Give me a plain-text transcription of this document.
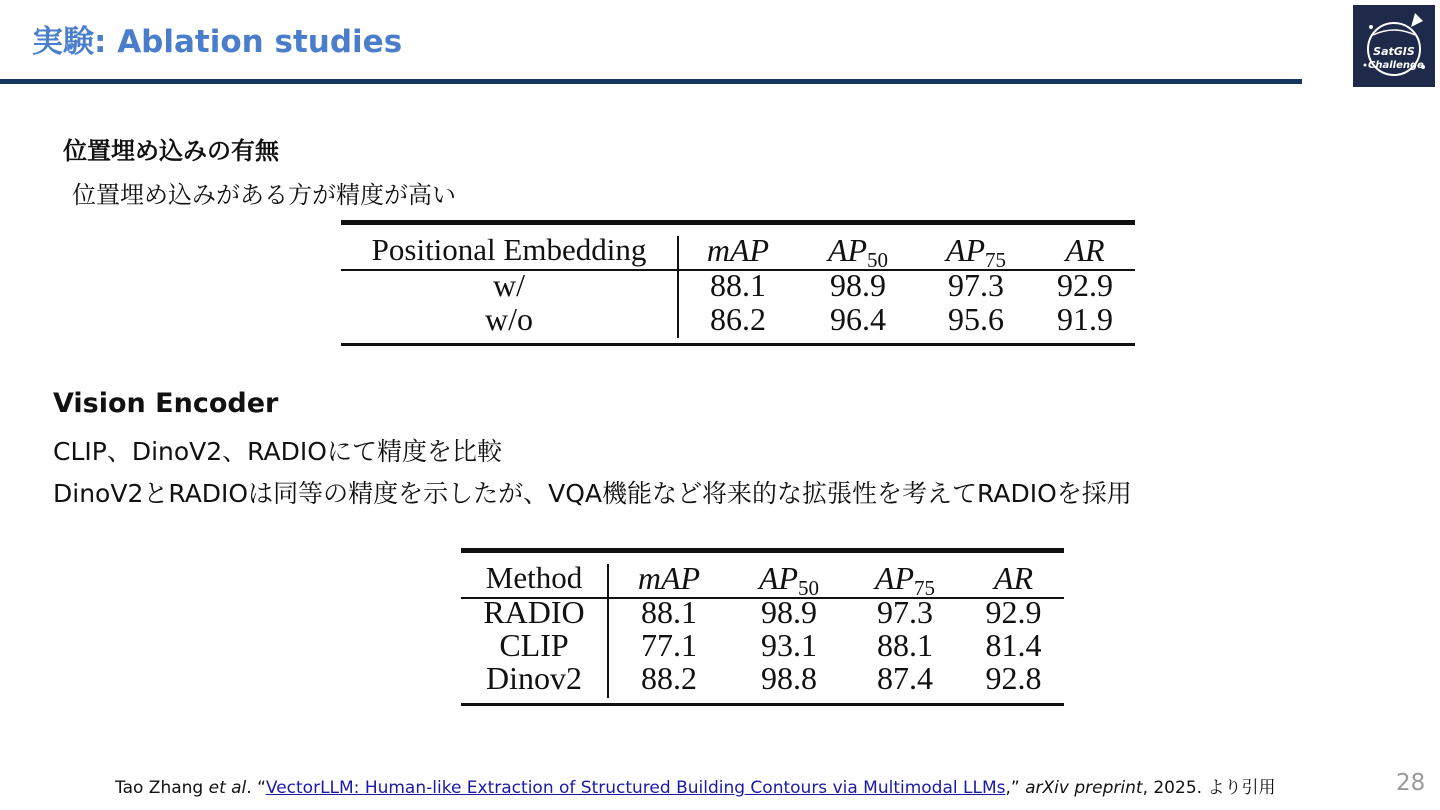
実験: Ablation studies	SatGIS
Challenge
位置埋め込みの有無
位置埋め込みがある方が精度が高い
Positional Embedding	mAP	$AP_{50}$	$AP_{75}$	AR
w/	88.1	98.9	97.3	92.9
w/o	86.2	96.4	95.6	91.9
Vision Encoder
CLIP、DinoV2、RADIOにて精度を比較
DinoV2とRADIOは同等の精度を示したが、VQA機能など将来的な拡張性を考えてRADIOを採用
Method	mAP	$AP_{50}$	$AP_{75}$	AR
RADIO	88.1	98.9	97.3	92.9
CLIP	77.1	93.1	88.1	81.4
Dinov2	88.2	98.8	87.4	92.8
Tao Zhang et al. “VectorLLM: Human-like Extraction of Structured Building Contours via Multimodal LLMs,” arXiv preprint, 2025. より引用	28
